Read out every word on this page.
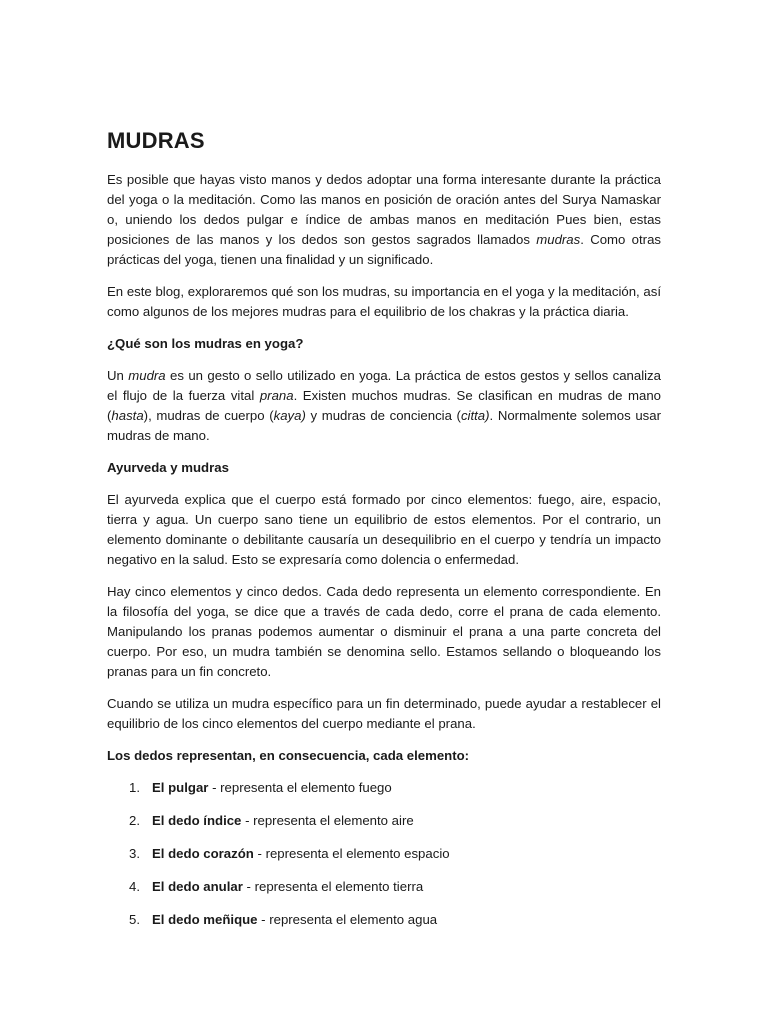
MUDRAS

Es posible que hayas visto manos y dedos adoptar una forma interesante durante la práctica del yoga o la meditación. Como las manos en posición de oración antes del Surya Namaskar o, uniendo los dedos pulgar e índice de ambas manos en meditación Pues bien, estas posiciones de las manos y los dedos son gestos sagrados llamados mudras. Como otras prácticas del yoga, tienen una finalidad y un significado.

En este blog, exploraremos qué son los mudras, su importancia en el yoga y la meditación, así como algunos de los mejores mudras para el equilibrio de los chakras y la práctica diaria.

¿Qué son los mudras en yoga?

Un mudra es un gesto o sello utilizado en yoga. La práctica de estos gestos y sellos canaliza el flujo de la fuerza vital prana. Existen muchos mudras. Se clasifican en mudras de mano (hasta), mudras de cuerpo (kaya) y mudras de conciencia (citta). Normalmente solemos usar mudras de mano.

Ayurveda y mudras

El ayurveda explica que el cuerpo está formado por cinco elementos: fuego, aire, espacio, tierra y agua. Un cuerpo sano tiene un equilibrio de estos elementos. Por el contrario, un elemento dominante o debilitante causaría un desequilibrio en el cuerpo y tendría un impacto negativo en la salud. Esto se expresaría como dolencia o enfermedad.

Hay cinco elementos y cinco dedos. Cada dedo representa un elemento correspondiente. En la filosofía del yoga, se dice que a través de cada dedo, corre el prana de cada elemento. Manipulando los pranas podemos aumentar o disminuir el prana a una parte concreta del cuerpo. Por eso, un mudra también se denomina sello. Estamos sellando o bloqueando los pranas para un fin concreto.

Cuando se utiliza un mudra específico para un fin determinado, puede ayudar a restablecer el equilibrio de los cinco elementos del cuerpo mediante el prana.

Los dedos representan, en consecuencia, cada elemento:

1. El pulgar - representa el elemento fuego
2. El dedo índice - representa el elemento aire
3. El dedo corazón - representa el elemento espacio
4. El dedo anular - representa el elemento tierra
5. El dedo meñique - representa el elemento agua
